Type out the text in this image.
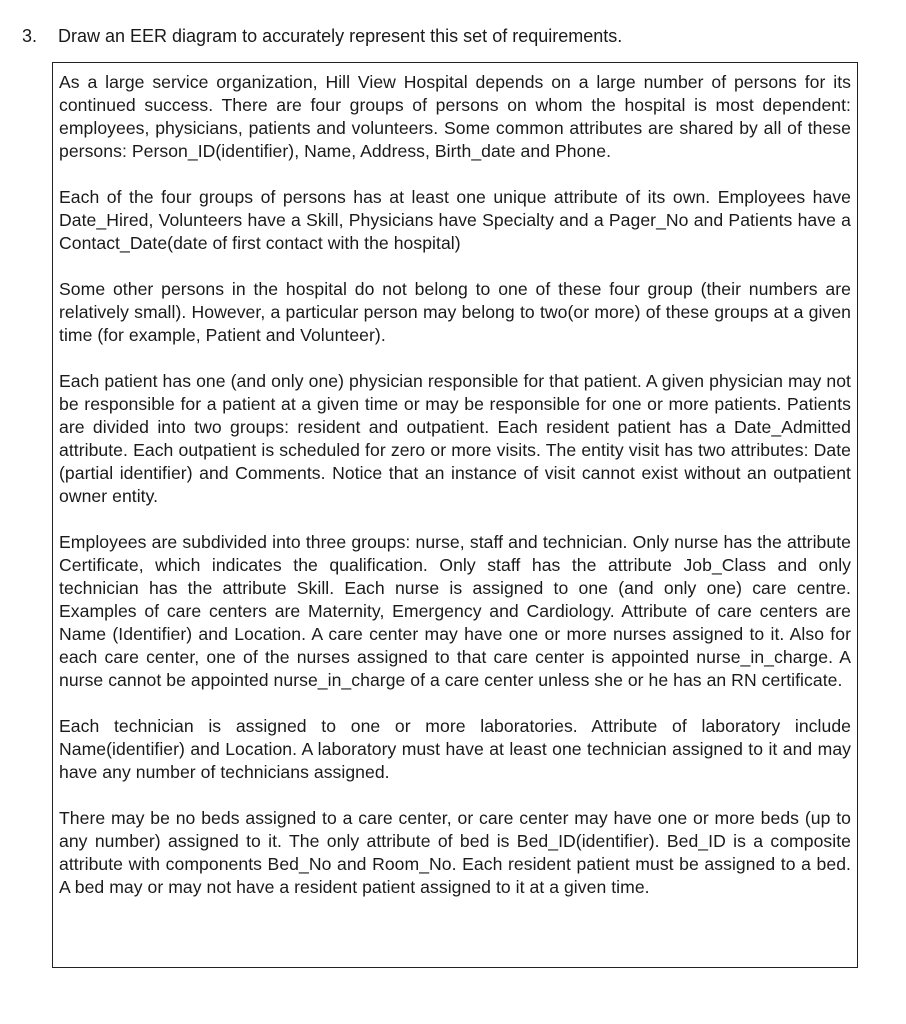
3. Draw an EER diagram to accurately represent this set of requirements.

As a large service organization, Hill View Hospital depends on a large number of persons for its continued success. There are four groups of persons on whom the hospital is most dependent: employees, physicians, patients and volunteers. Some common attributes are shared by all of these persons: Person_ID(identifier), Name, Address, Birth_date and Phone.

Each of the four groups of persons has at least one unique attribute of its own. Employees have Date_Hired, Volunteers have a Skill, Physicians have Specialty and a Pager_No and Patients have a Contact_Date(date of first contact with the hospital)

Some other persons in the hospital do not belong to one of these four group (their numbers are relatively small). However, a particular person may belong to two(or more) of these groups at a given time (for example, Patient and Volunteer).

Each patient has one (and only one) physician responsible for that patient. A given physician may not be responsible for a patient at a given time or may be responsible for one or more patients. Patients are divided into two groups: resident and outpatient. Each resident patient has a Date_Admitted attribute. Each outpatient is scheduled for zero or more visits. The entity visit has two attributes: Date (partial identifier) and Comments. Notice that an instance of visit cannot exist without an outpatient owner entity.

Employees are subdivided into three groups: nurse, staff and technician. Only nurse has the attribute Certificate, which indicates the qualification. Only staff has the attribute Job_Class and only technician has the attribute Skill. Each nurse is assigned to one (and only one) care centre. Examples of care centers are Maternity, Emergency and Cardiology. Attribute of care centers are Name (Identifier) and Location. A care center may have one or more nurses assigned to it. Also for each care center, one of the nurses assigned to that care center is appointed nurse_in_charge. A nurse cannot be appointed nurse_in_charge of a care center unless she or he has an RN certificate.

Each technician is assigned to one or more laboratories. Attribute of laboratory include Name(identifier) and Location. A laboratory must have at least one technician assigned to it and may have any number of technicians assigned.

There may be no beds assigned to a care center, or care center may have one or more beds (up to any number) assigned to it. The only attribute of bed is Bed_ID(identifier). Bed_ID is a composite attribute with components Bed_No and Room_No. Each resident patient must be assigned to a bed. A bed may or may not have a resident patient assigned to it at a given time.
